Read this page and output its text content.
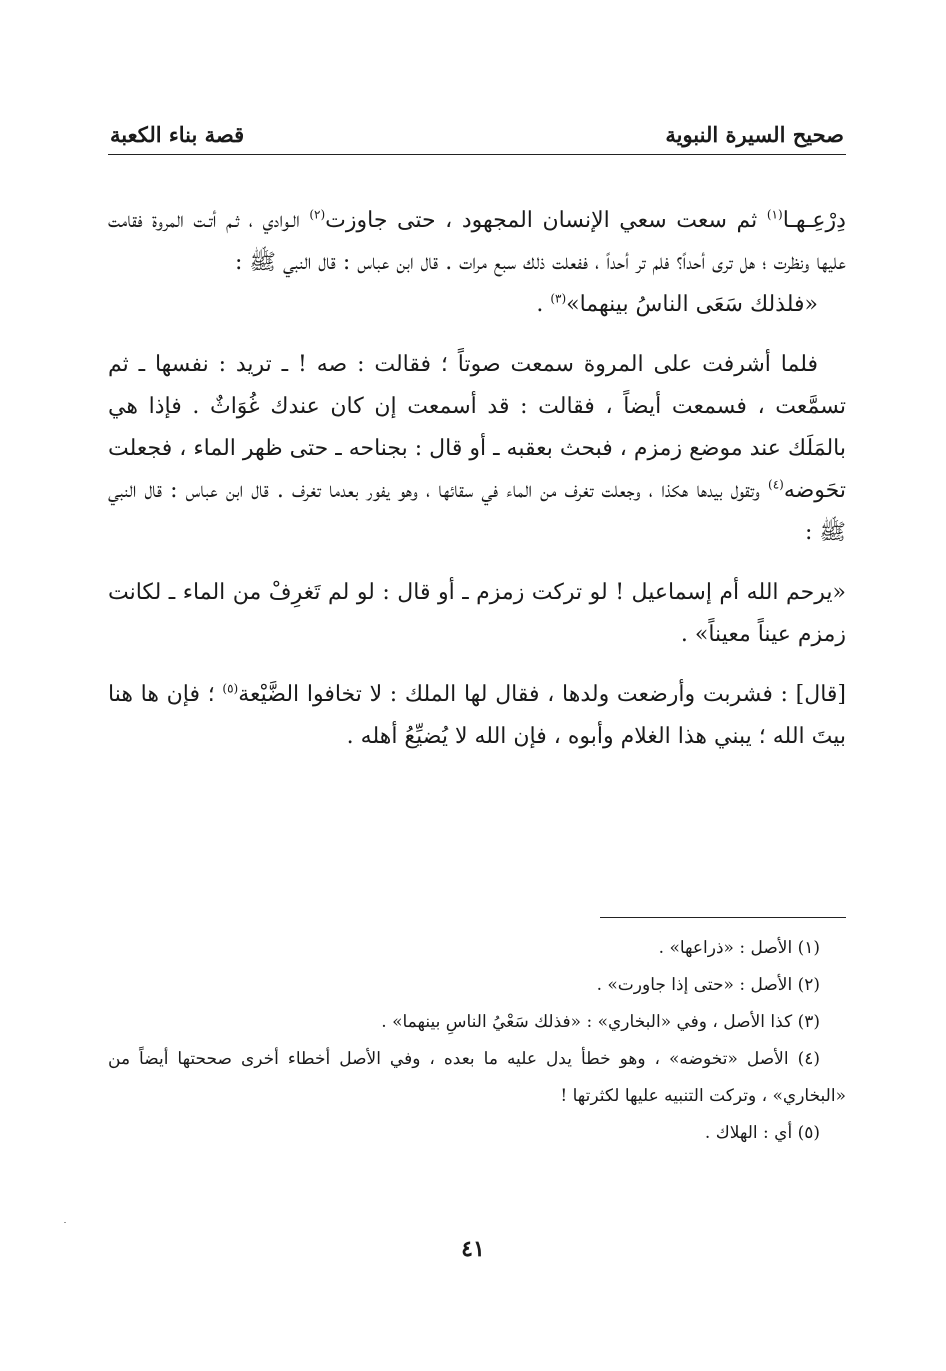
صحيح السيرة النبوية
قصة بناء الكعبة

دِرْعِـهـا$^{(١)}$ ثم سعت سعي الإنسان المجهود ، حتى جاوزت$^{(٢)}$ الـوادي ، ثـم أتـت المروة فقامت عليها ونظرت ؛ هل ترى أحداً؟ فلم تر أحداً ، ففعلت ذلك سبع مرات . قال ابن عباس : قال النبي ﷺ :

«فلذلك سَعَى الناسُ بينهما»$^{(٣)}$ .

فلما أشرفت على المروة سمعت صوتاً ؛ فقالت : صه ! ـ تريد : نفسها ـ ثم تسمَّعت ، فسمعت أيضاً ، فقالت : قد أسمعت إن كان عندك غُوَاثٌ . فإذا هي بالمَلَك عند موضع زمزم ، فبحث بعقبه ـ أو قال : بجناحه ـ حتى ظهر الماء ، فجعلت تحَوضه$^{(٤)}$ وتقول بيدها هكذا ، وجعلت تغرف من الماء في سقائها ، وهو يفور بعدما تغرف . قال ابن عباس : قال النبي ﷺ :

«يرحم الله أم إسماعيل ! لو تركت زمزم ـ أو قال : لو لم تَغرِفْ من الماء ـ لكانت زمزم عيناً معيناً» .

[قال] : فشربت وأرضعت ولدها ، فقال لها الملك : لا تخافوا الضَّيْعة$^{(٥)}$ ؛ فإن ها هنا بيتَ الله ؛ يبني هذا الغلام وأبوه ، فإن الله لا يُضيِّعُ أهله .

(١) الأصل : «ذراعها» .

(٢) الأصل : «حتى إذا جاورت» .

(٣) كذا الأصل ، وفي «البخاري» : «فذلك سَعْيُ الناسِ بينهما» .

(٤) الأصل «تخوضه» ، وهو خطأ يدل عليه ما بعده ، وفي الأصل أخطاء أخرى صححتها أيضاً من «البخاري» ، وتركت التنبيه عليها لكثرتها !

(٥) أي : الهلاك .

٤١
